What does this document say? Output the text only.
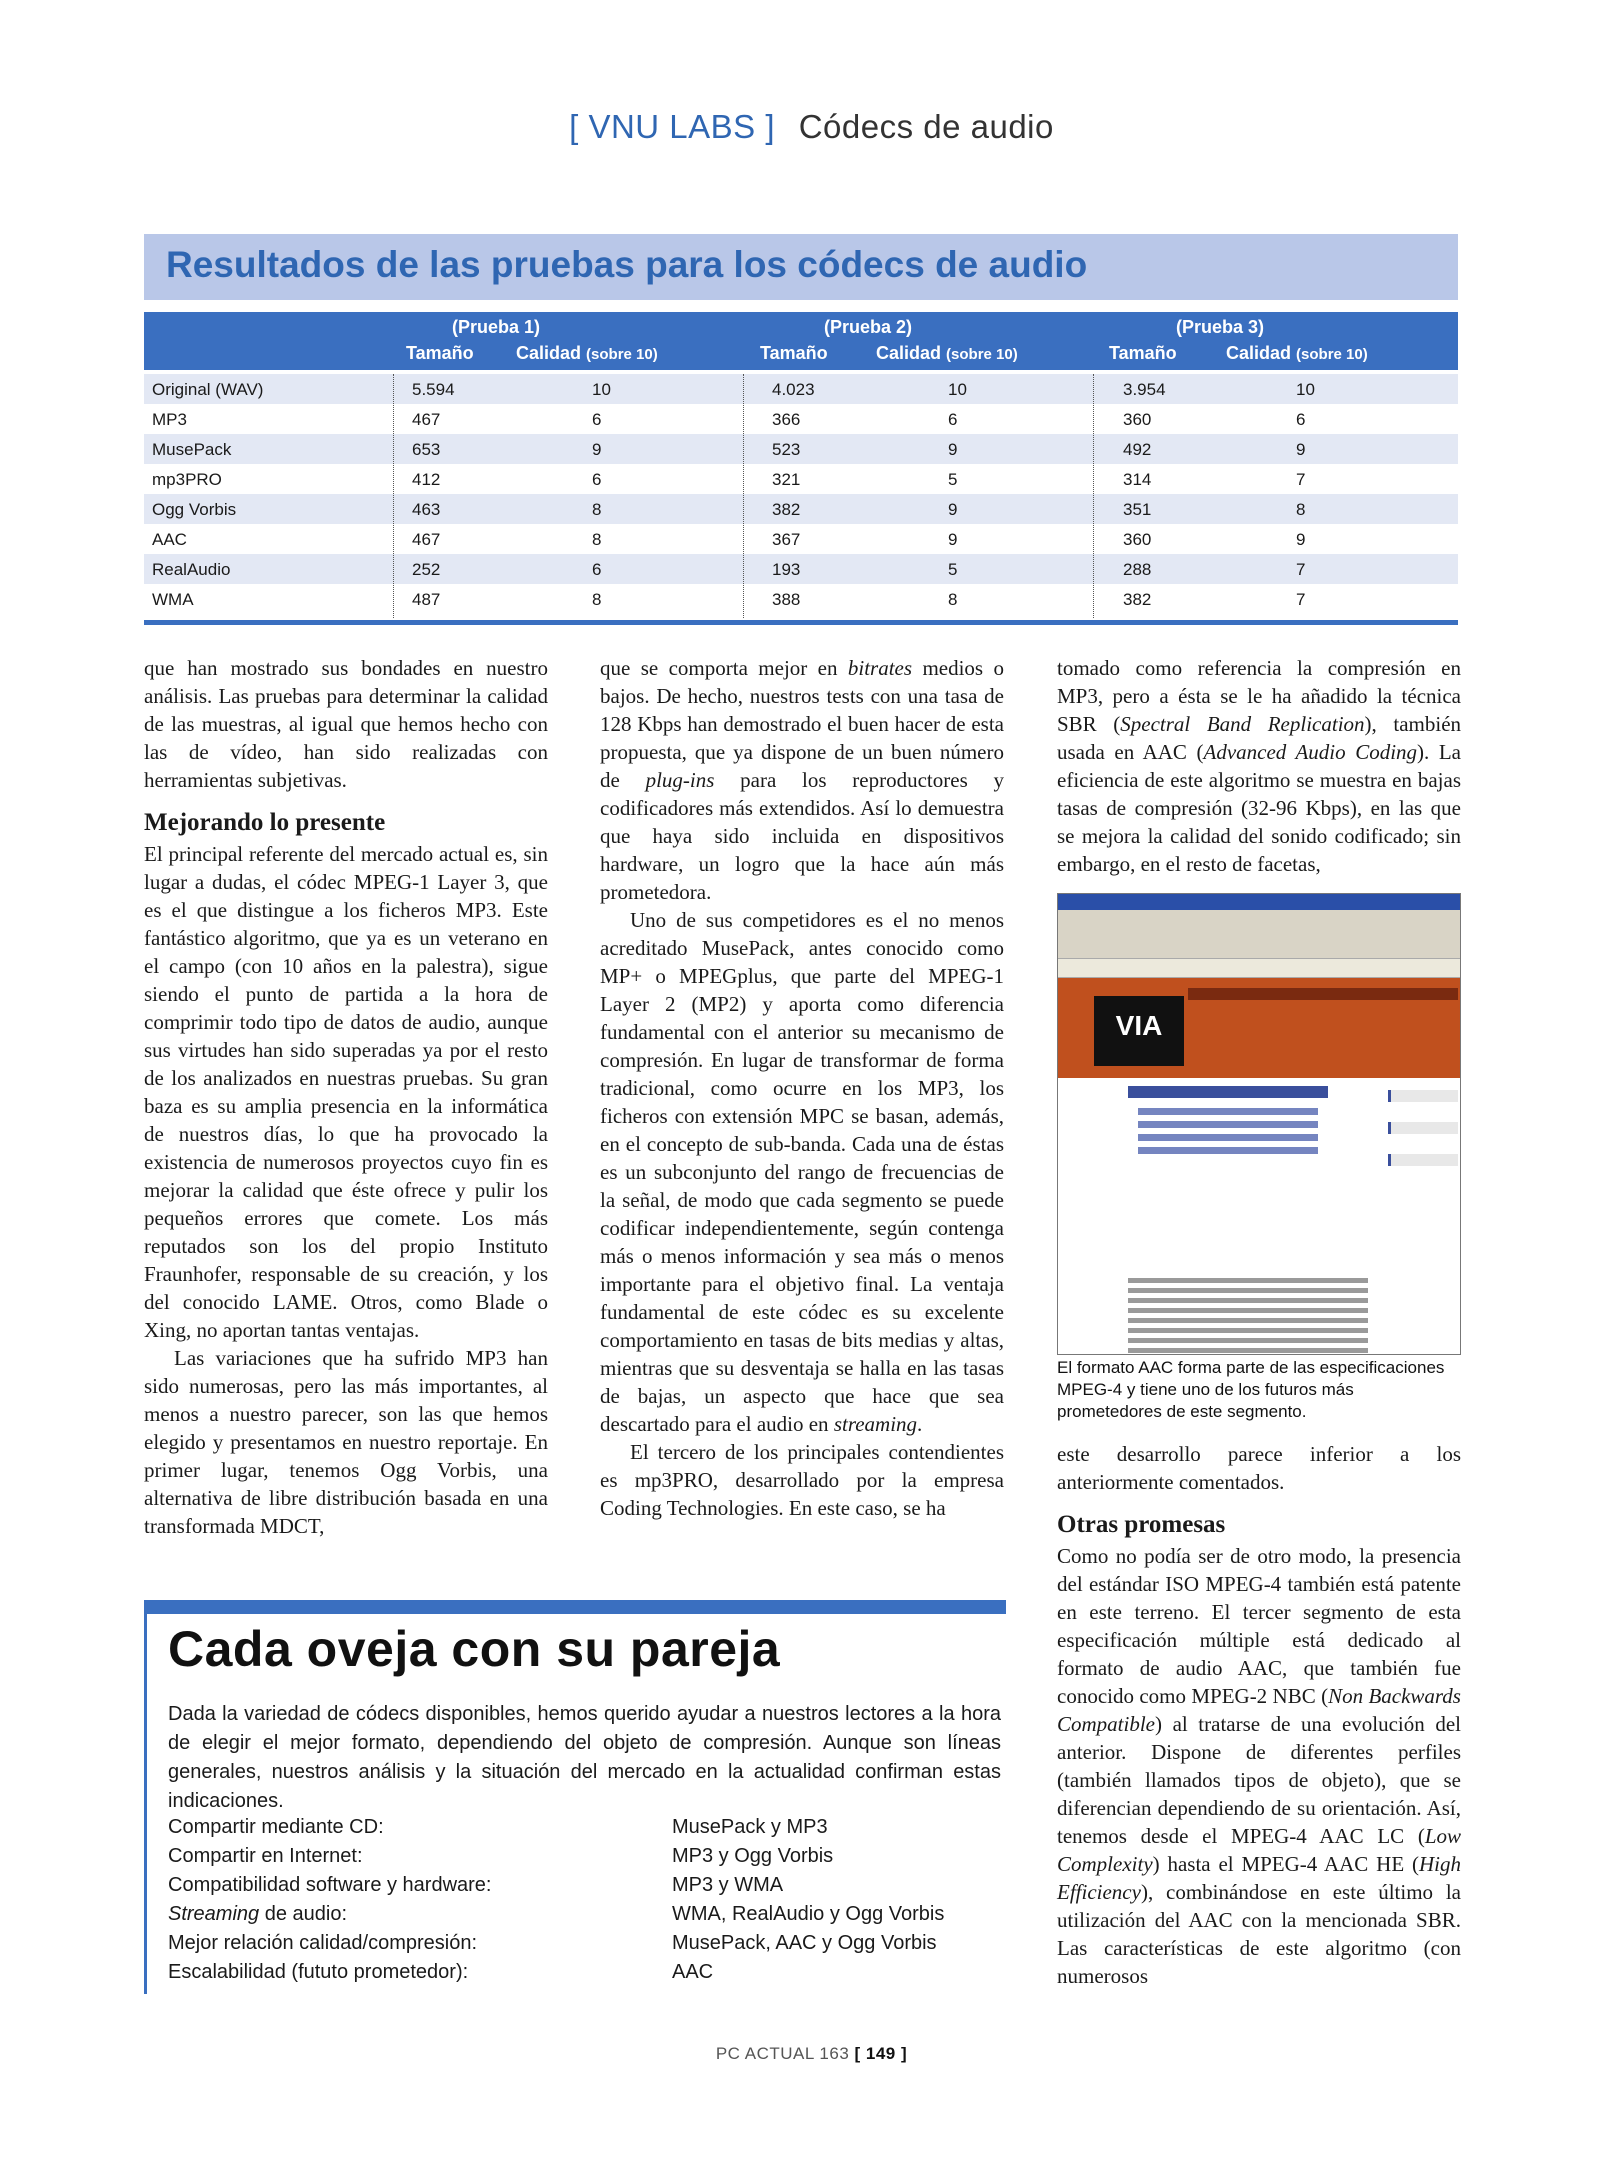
[ VNU LABS ] Códecs de audio
Resultados de las pruebas para los códecs de audio
(Prueba 1)	(Prueba 2)	(Prueba 3)
Tamaño Calidad (sobre 10)	Tamaño	Calidad (sobre 10)	Tamaño	Calidad (sobre 10)
Original (WAV)	5.594	10	4.023	10	3.954	10
MP3	467	6	366	6	360	6
MusePack	653	9	523	9	492	9
mp3PRO	412	6	321	5	314	7
Ogg Vorbis	463	8	382	9	351	8
AAC	467	8	367	9	360	9
RealAudio	252	6	193	5	288	7
WMA	487	8	388	8	382	7

que han mostrado sus bondades en nuestro análisis. Las pruebas para determinar la calidad de las muestras, al igual que hemos hecho con las de vídeo, han sido realizadas con herramientas subjetivas.

Mejorando lo presente

El principal referente del mercado actual es, sin lugar a dudas, el códec MPEG-1 Layer 3, que es el que distingue a los ficheros MP3. Este fantástico algoritmo, que ya es un veterano en el campo (con 10 años en la palestra), sigue siendo el punto de partida a la hora de comprimir todo tipo de datos de audio, aunque sus virtudes han sido superadas ya por el resto de los analizados en nuestras pruebas. Su gran baza es su amplia presencia en la informática de nuestros días, lo que ha provocado la existencia de numerosos proyectos cuyo fin es mejorar la calidad que éste ofrece y pulir los pequeños errores que comete. Los más reputados son los del propio Instituto Fraunhofer, responsable de su creación, y los del conocido LAME. Otros, como Blade o Xing, no aportan tantas ventajas.

Las variaciones que ha sufrido MP3 han sido numerosas, pero las más importantes, al menos a nuestro parecer, son las que hemos elegido y presentamos en nuestro reportaje. En primer lugar, tenemos Ogg Vorbis, una alternativa de libre distribución basada en una transformada MDCT,

que se comporta mejor en bitrates medios o bajos. De hecho, nuestros tests con una tasa de 128 Kbps han demostrado el buen hacer de esta propuesta, que ya dispone de un buen número de plug-ins para los reproductores y codificadores más extendidos. Así lo demuestra que haya sido incluida en dispositivos hardware, un logro que la hace aún más prometedora.

Uno de sus competidores es el no menos acreditado MusePack, antes conocido como MP+ o MPEGplus, que parte del MPEG-1 Layer 2 (MP2) y aporta como diferencia fundamental con el anterior su mecanismo de compresión. En lugar de transformar de forma tradicional, como ocurre en los MP3, los ficheros con extensión MPC se basan, además, en el concepto de sub-banda. Cada una de éstas es un subconjunto del rango de frecuencias de la señal, de modo que cada segmento se puede codificar independientemente, según contenga más o menos información y sea más o menos importante para el objetivo final. La ventaja fundamental de este códec es su excelente comportamiento en tasas de bits medias y altas, mientras que su desventaja se halla en las tasas de bajas, un aspecto que hace que sea descartado para el audio en streaming.

El tercero de los principales contendientes es mp3PRO, desarrollado por la empresa Coding Technologies. En este caso, se ha

tomado como referencia la compresión en MP3, pero a ésta se le ha añadido la técnica SBR (Spectral Band Replication), también usada en AAC (Advanced Audio Coding). La eficiencia de este algoritmo se muestra en bajas tasas de compresión (32-96 Kbps), en las que se mejora la calidad del sonido codificado; sin embargo, en el resto de facetas,

VIA
El formato AAC forma parte de las especificaciones MPEG-4 y tiene uno de los futuros más prometedores de este segmento.

este desarrollo parece inferior a los anteriormente comentados.

Otras promesas

Como no podía ser de otro modo, la presencia del estándar ISO MPEG-4 también está patente en este terreno. El tercer segmento de esta especificación múltiple está dedicado al formato de audio AAC, que también fue conocido como MPEG-2 NBC (Non Backwards Compatible) al tratarse de una evolución del anterior. Dispone de diferentes perfiles (también llamados tipos de objeto), que se diferencian dependiendo de su orientación. Así, tenemos desde el MPEG-4 AAC LC (Low Complexity) hasta el MPEG-4 AAC HE (High Efficiency), combinándose en este último la utilización del AAC con la mencionada SBR. Las características de este algoritmo (con numerosos

Cada oveja con su pareja
Dada la variedad de códecs disponibles, hemos querido ayudar a nuestros lectores a la hora de elegir el mejor formato, dependiendo del objeto de compresión. Aunque son líneas generales, nuestros análisis y la situación del mercado en la actualidad confirman estas indicaciones.
Compartir mediante CD:	MusePack y MP3
Compartir en Internet:	MP3 y Ogg Vorbis
Compatibilidad software y hardware:	MP3 y WMA
Streaming de audio:	WMA, RealAudio y Ogg Vorbis
Mejor relación calidad/compresión:	MusePack, AAC y Ogg Vorbis
Escalabilidad (fututo prometedor):	AAC
PC ACTUAL 163 [ 149 ]
